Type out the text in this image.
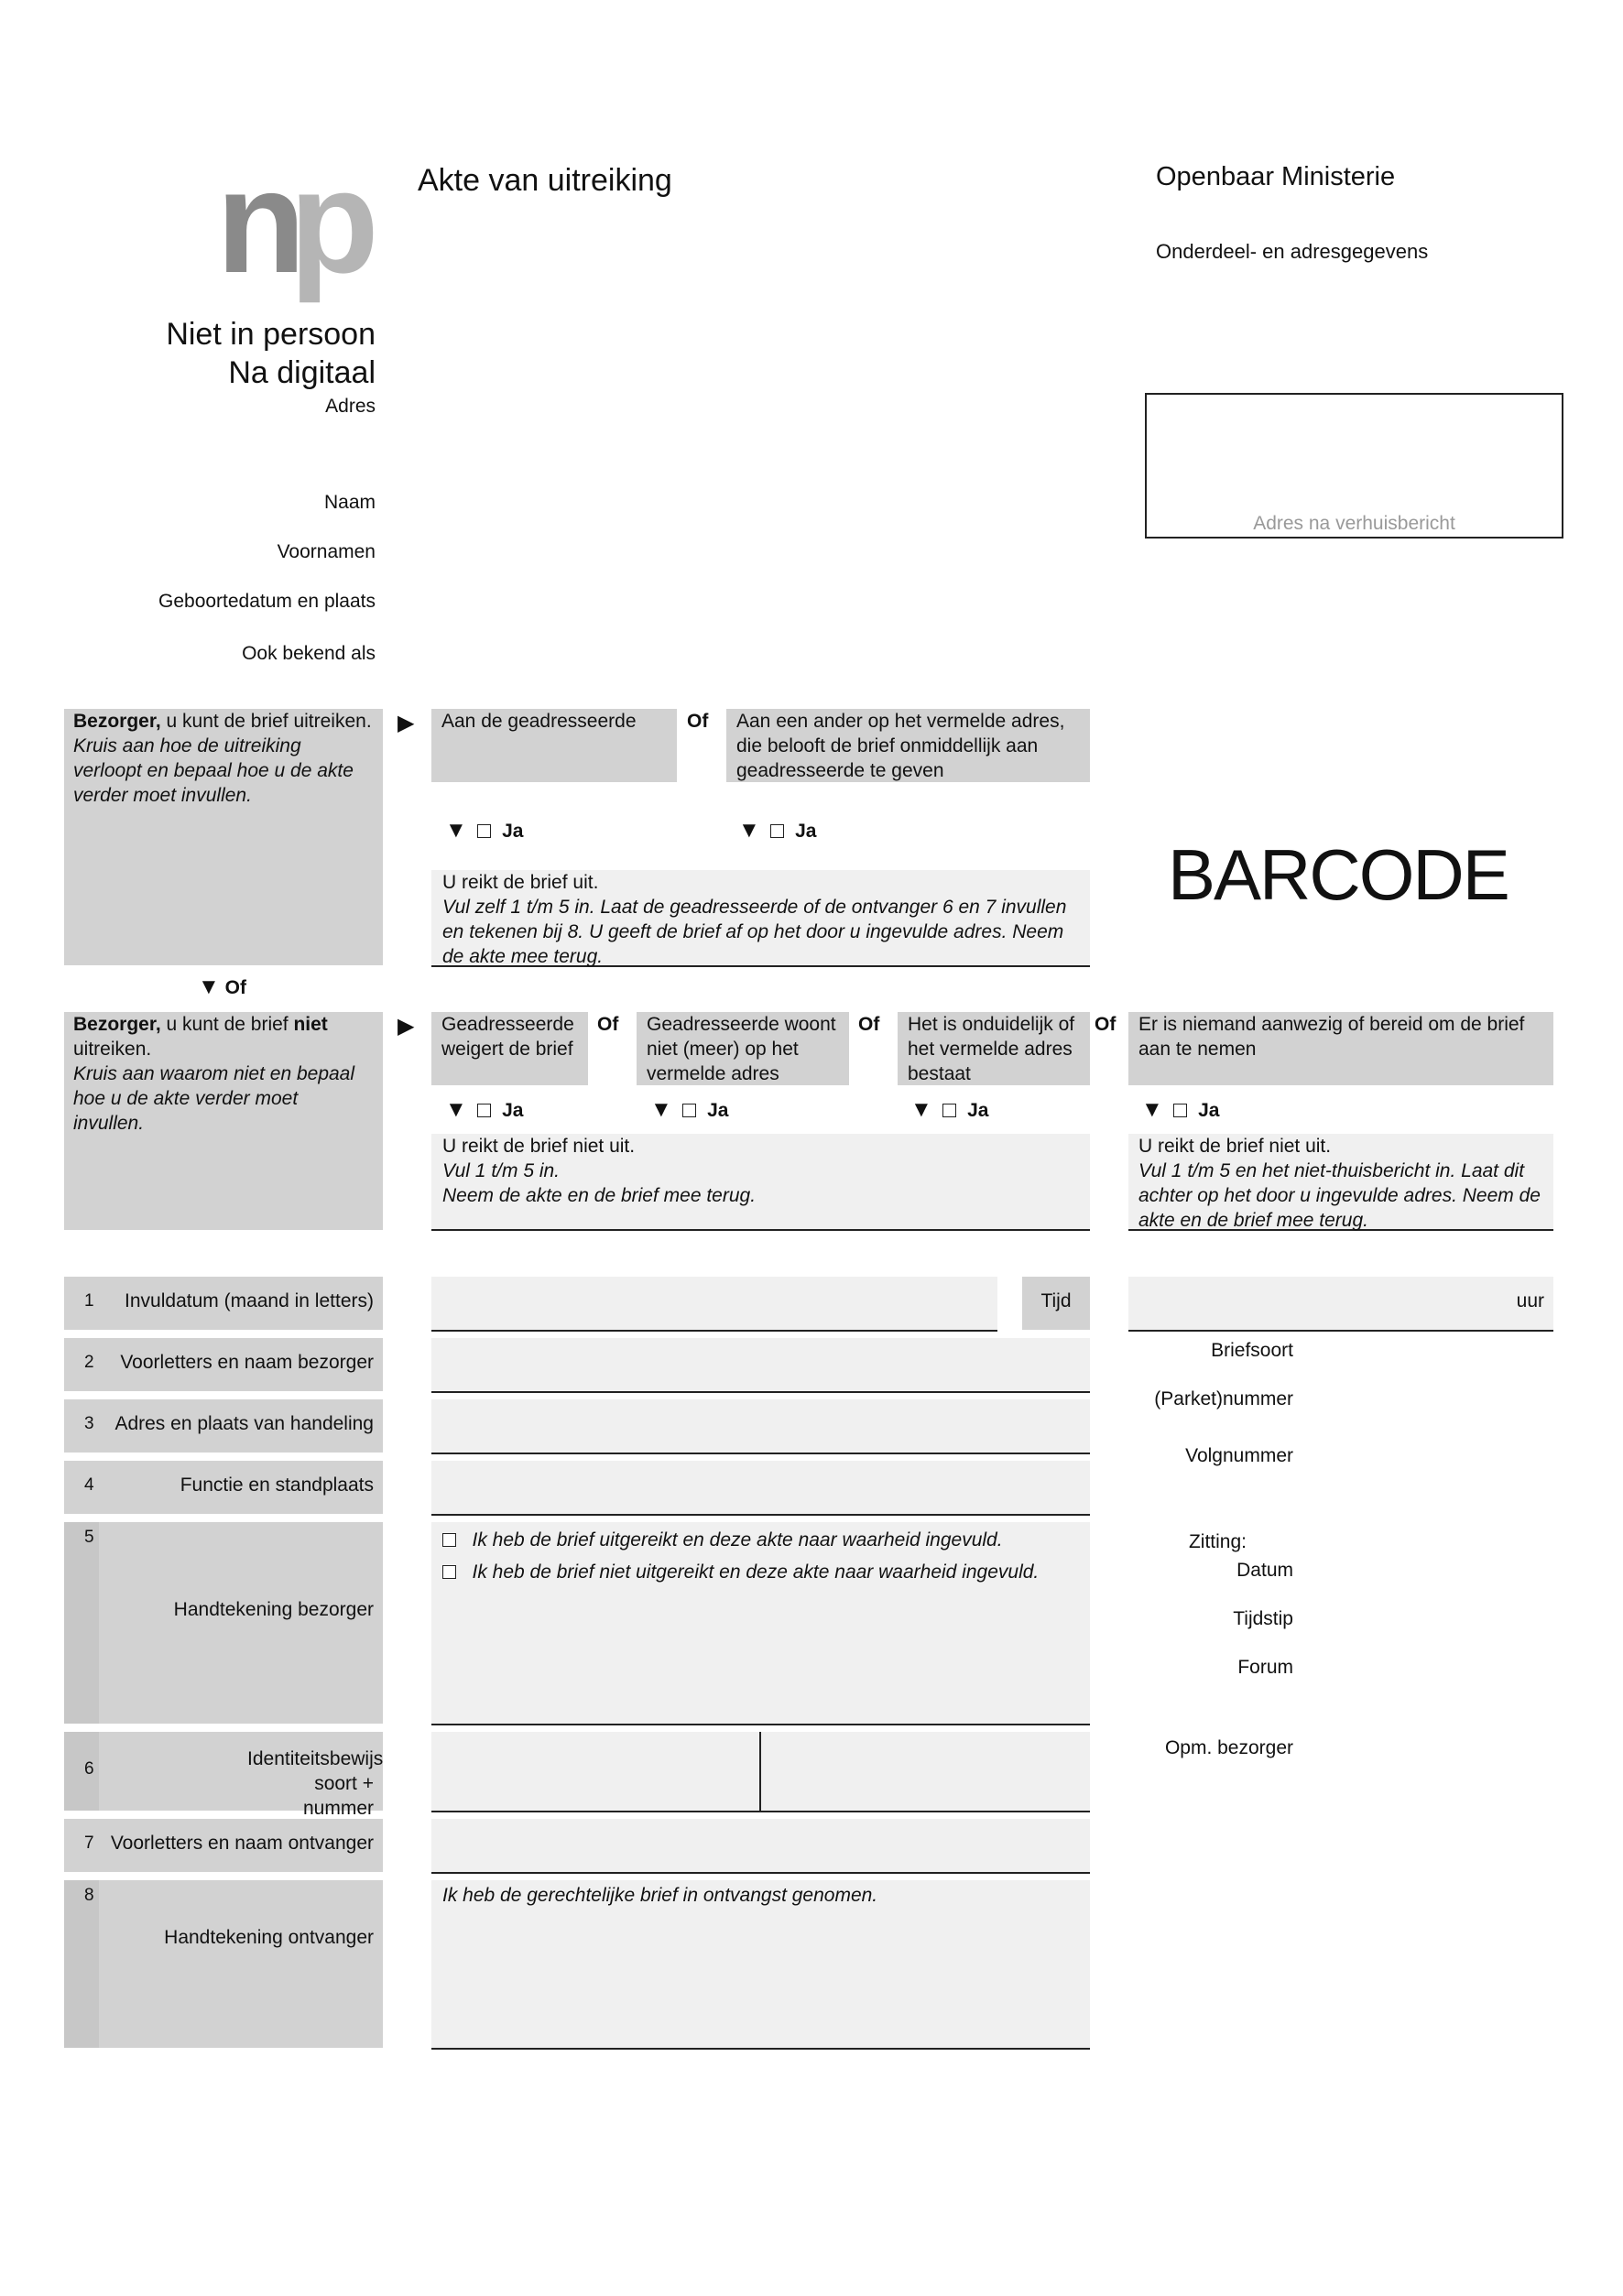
n
p Akte van uitreiking
Niet in persoon
Na digitaal
Openbaar Ministerie
Onderdeel- en adresgegevens
Adres na verhuisbericht
Adres
Naam
Voornamen
Geboortedatum en plaats
Ook bekend als
Bezorger, u kunt de brief uitreiken.
Kruis aan hoe de uitreiking verloopt en bepaal hoe u de akte verder moet invullen.
▶	Aan de geadresseerde	Of	Aan een ander op het vermelde adres, die belooft de brief onmiddellijk aan geadresseerde te geven
▼ Ja	▼ Ja
U reikt de brief uit.
Vul zelf 1 t/m 5 in. Laat de geadresseerde of de ontvanger 6 en 7 invullen en tekenen bij 8. U geeft de brief af op het door u ingevulde adres. Neem de akte mee terug.
BARCODE
▼ Of
Bezorger, u kunt de brief niet uitreiken.
Kruis aan waarom niet en bepaal hoe u de akte verder moet invullen.
▶	Geadresseerde weigert de brief
Of	Geadresseerde woont niet (meer) op het vermelde adres
Of	Het is onduidelijk of het vermelde adres bestaat
Of	Er is niemand aanwezig of bereid om de brief aan te nemen
▼ Ja	▼ Ja	▼ Ja	▼ Ja
U reikt de brief niet uit.
Vul 1 t/m 5 in.
Neem de akte en de brief mee terug.
U reikt de brief niet uit.
Vul 1 t/m 5 en het niet-thuisbericht in. Laat dit achter op het door u ingevulde adres. Neem de akte en de brief mee terug.
1 Invuldatum (maand in letters)	Tijd	uur
2 Voorletters en naam bezorger
3 Adres en plaats van handeling
4	Functie en standplaats
5
Handtekening bezorger
Ik heb de brief uitgereikt en deze akte naar waarheid ingevuld.
Ik heb de brief niet uitgereikt en deze akte naar waarheid ingevuld.
6	Identiteitsbewijs soort + nummer
7 Voorletters en naam ontvanger
8
Handtekening ontvanger
Ik heb de gerechtelijke brief in ontvangst genomen.
Briefsoort
(Parket)nummer
Volgnummer
Zitting:
Datum
Tijdstip
Forum
Opm. bezorger
